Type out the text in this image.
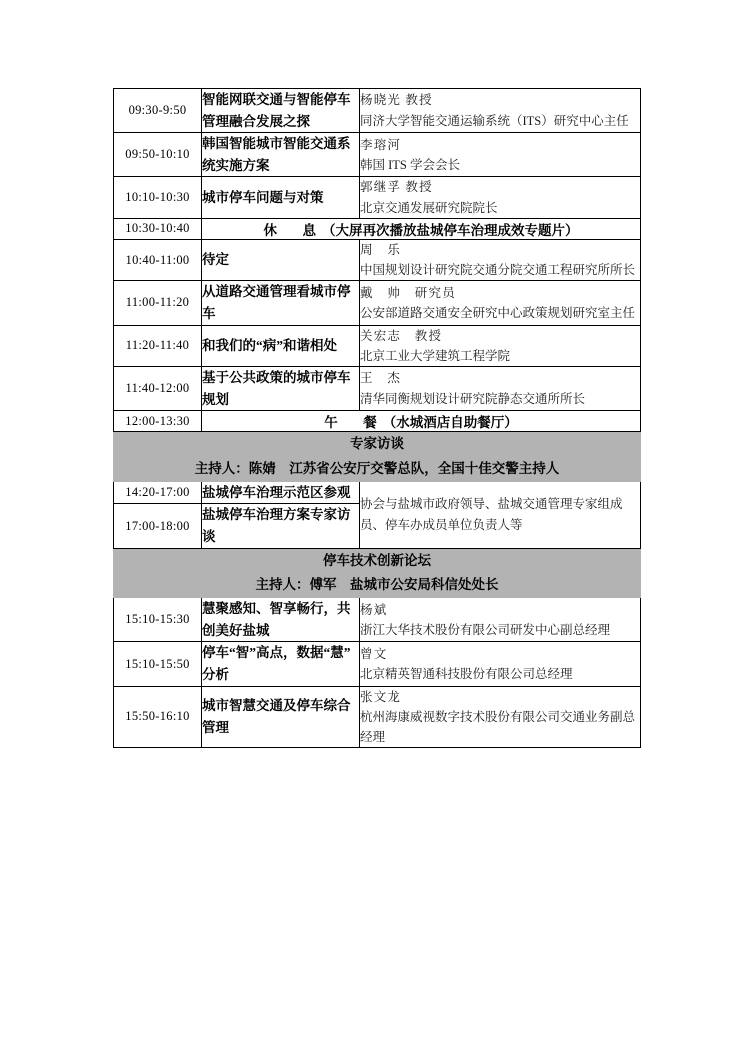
09:30-9:50	智能网联交通与智能停车管理融合发展之探	杨晓光 教授
同济大学智能交通运输系统（ITS）研究中心主任

09:50-10:10	韩国智能城市智能交通系统实施方案	李瑢河
韩国 ITS 学会会长

10:10-10:30	城市停车问题与对策	郭继孚 教授
北京交通发展研究院院长

10:30-10:40	休　息（大屏再次播放盐城停车治理成效专题片）	
10:40-11:00	待定	周　乐
中国规划设计研究院交通分院交通工程研究所所长

11:00-11:20	从道路交通管理看城市停车	戴　帅　研究员
公安部道路交通安全研究中心政策规划研究室主任

11:20-11:40	和我们的“病”和谐相处	关宏志　教授
北京工业大学建筑工程学院

11:40-12:00	基于公共政策的城市停车规划	王　杰
清华同衡规划设计研究院静态交通所所长

12:00-13:30	午　餐（水城酒店自助餐厅）	

专家访谈
主持人：陈婧　江苏省公安厅交警总队，全国十佳交警主持人		

14:20-17:00	盐城停车治理示范区参观	协会与盐城市政府领导、盐城交通管理专家组成员、停车办成员单位负责人等
17:00-18:00	盐城停车治理方案专家访谈	

停车技术创新论坛
主持人：傅军　盐城市公安局科信处处长		

15:10-15:30	慧聚感知、智享畅行，共创美好盐城	杨斌
浙江大华技术股份有限公司研发中心副总经理

15:10-15:50	停车“智”高点，数据“慧”分析	曾文
北京精英智通科技股份有限公司总经理

15:50-16:10	城市智慧交通及停车综合管理	张文龙
杭州海康威视数字技术股份有限公司交通业务副总经理
